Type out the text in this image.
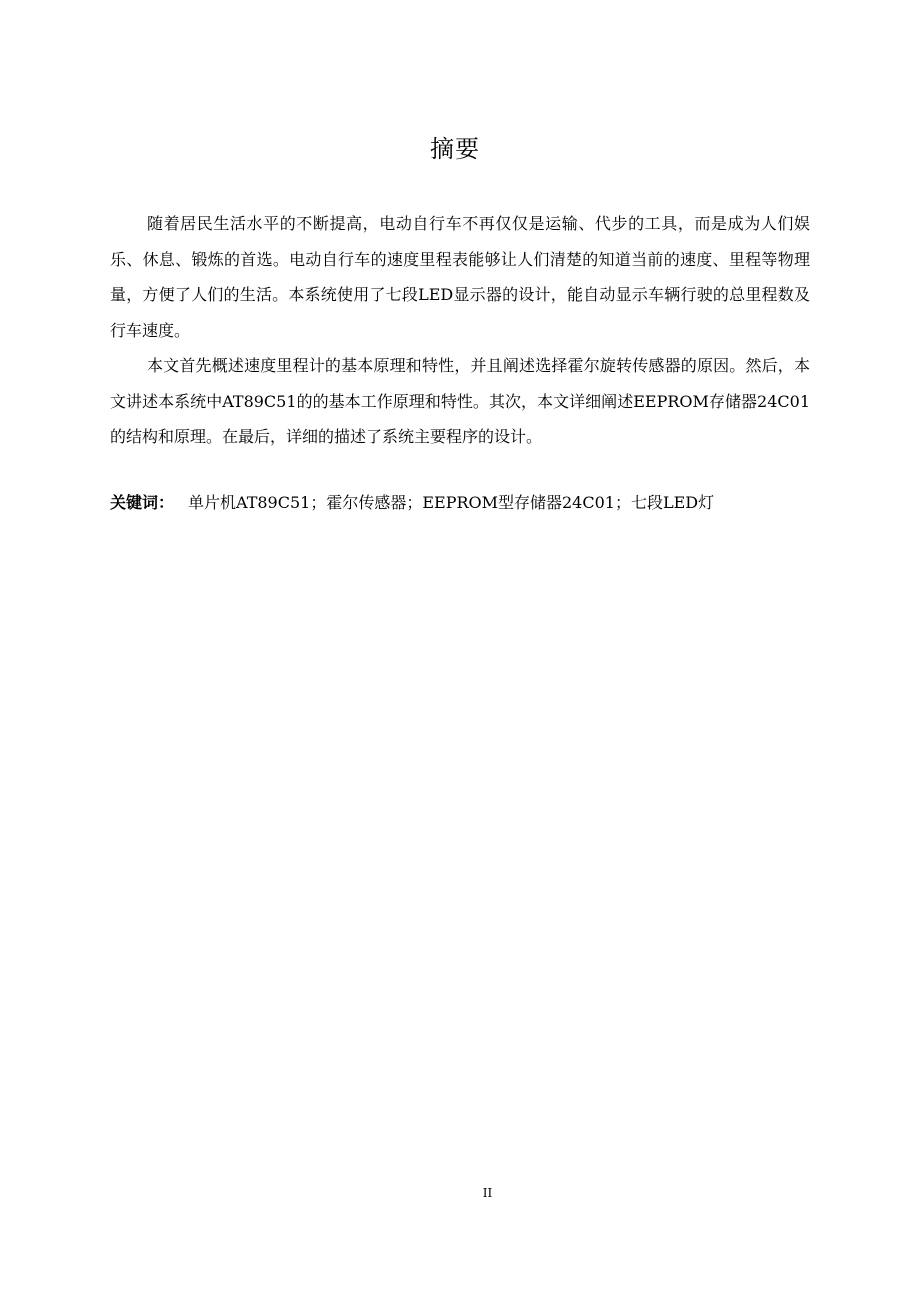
摘要

随着居民生活水平的不断提高，电动自行车不再仅仅是运输、代步的工具，而是成为人们娱乐、休息、锻炼的首选。电动自行车的速度里程表能够让人们清楚的知道当前的速度、里程等物理量，方便了人们的生活。本系统使用了七段LED显示器的设计，能自动显示车辆行驶的总里程数及行车速度。

本文首先概述速度里程计的基本原理和特性，并且阐述选择霍尔旋转传感器的原因。然后，本文讲述本系统中AT89C51的的基本工作原理和特性。其次，本文详细阐述EEPROM存储器24C01的结构和原理。在最后，详细的描述了系统主要程序的设计。

关键词： 单片机AT89C51；霍尔传感器；EEPROM型存储器24C01；七段LED灯
II
